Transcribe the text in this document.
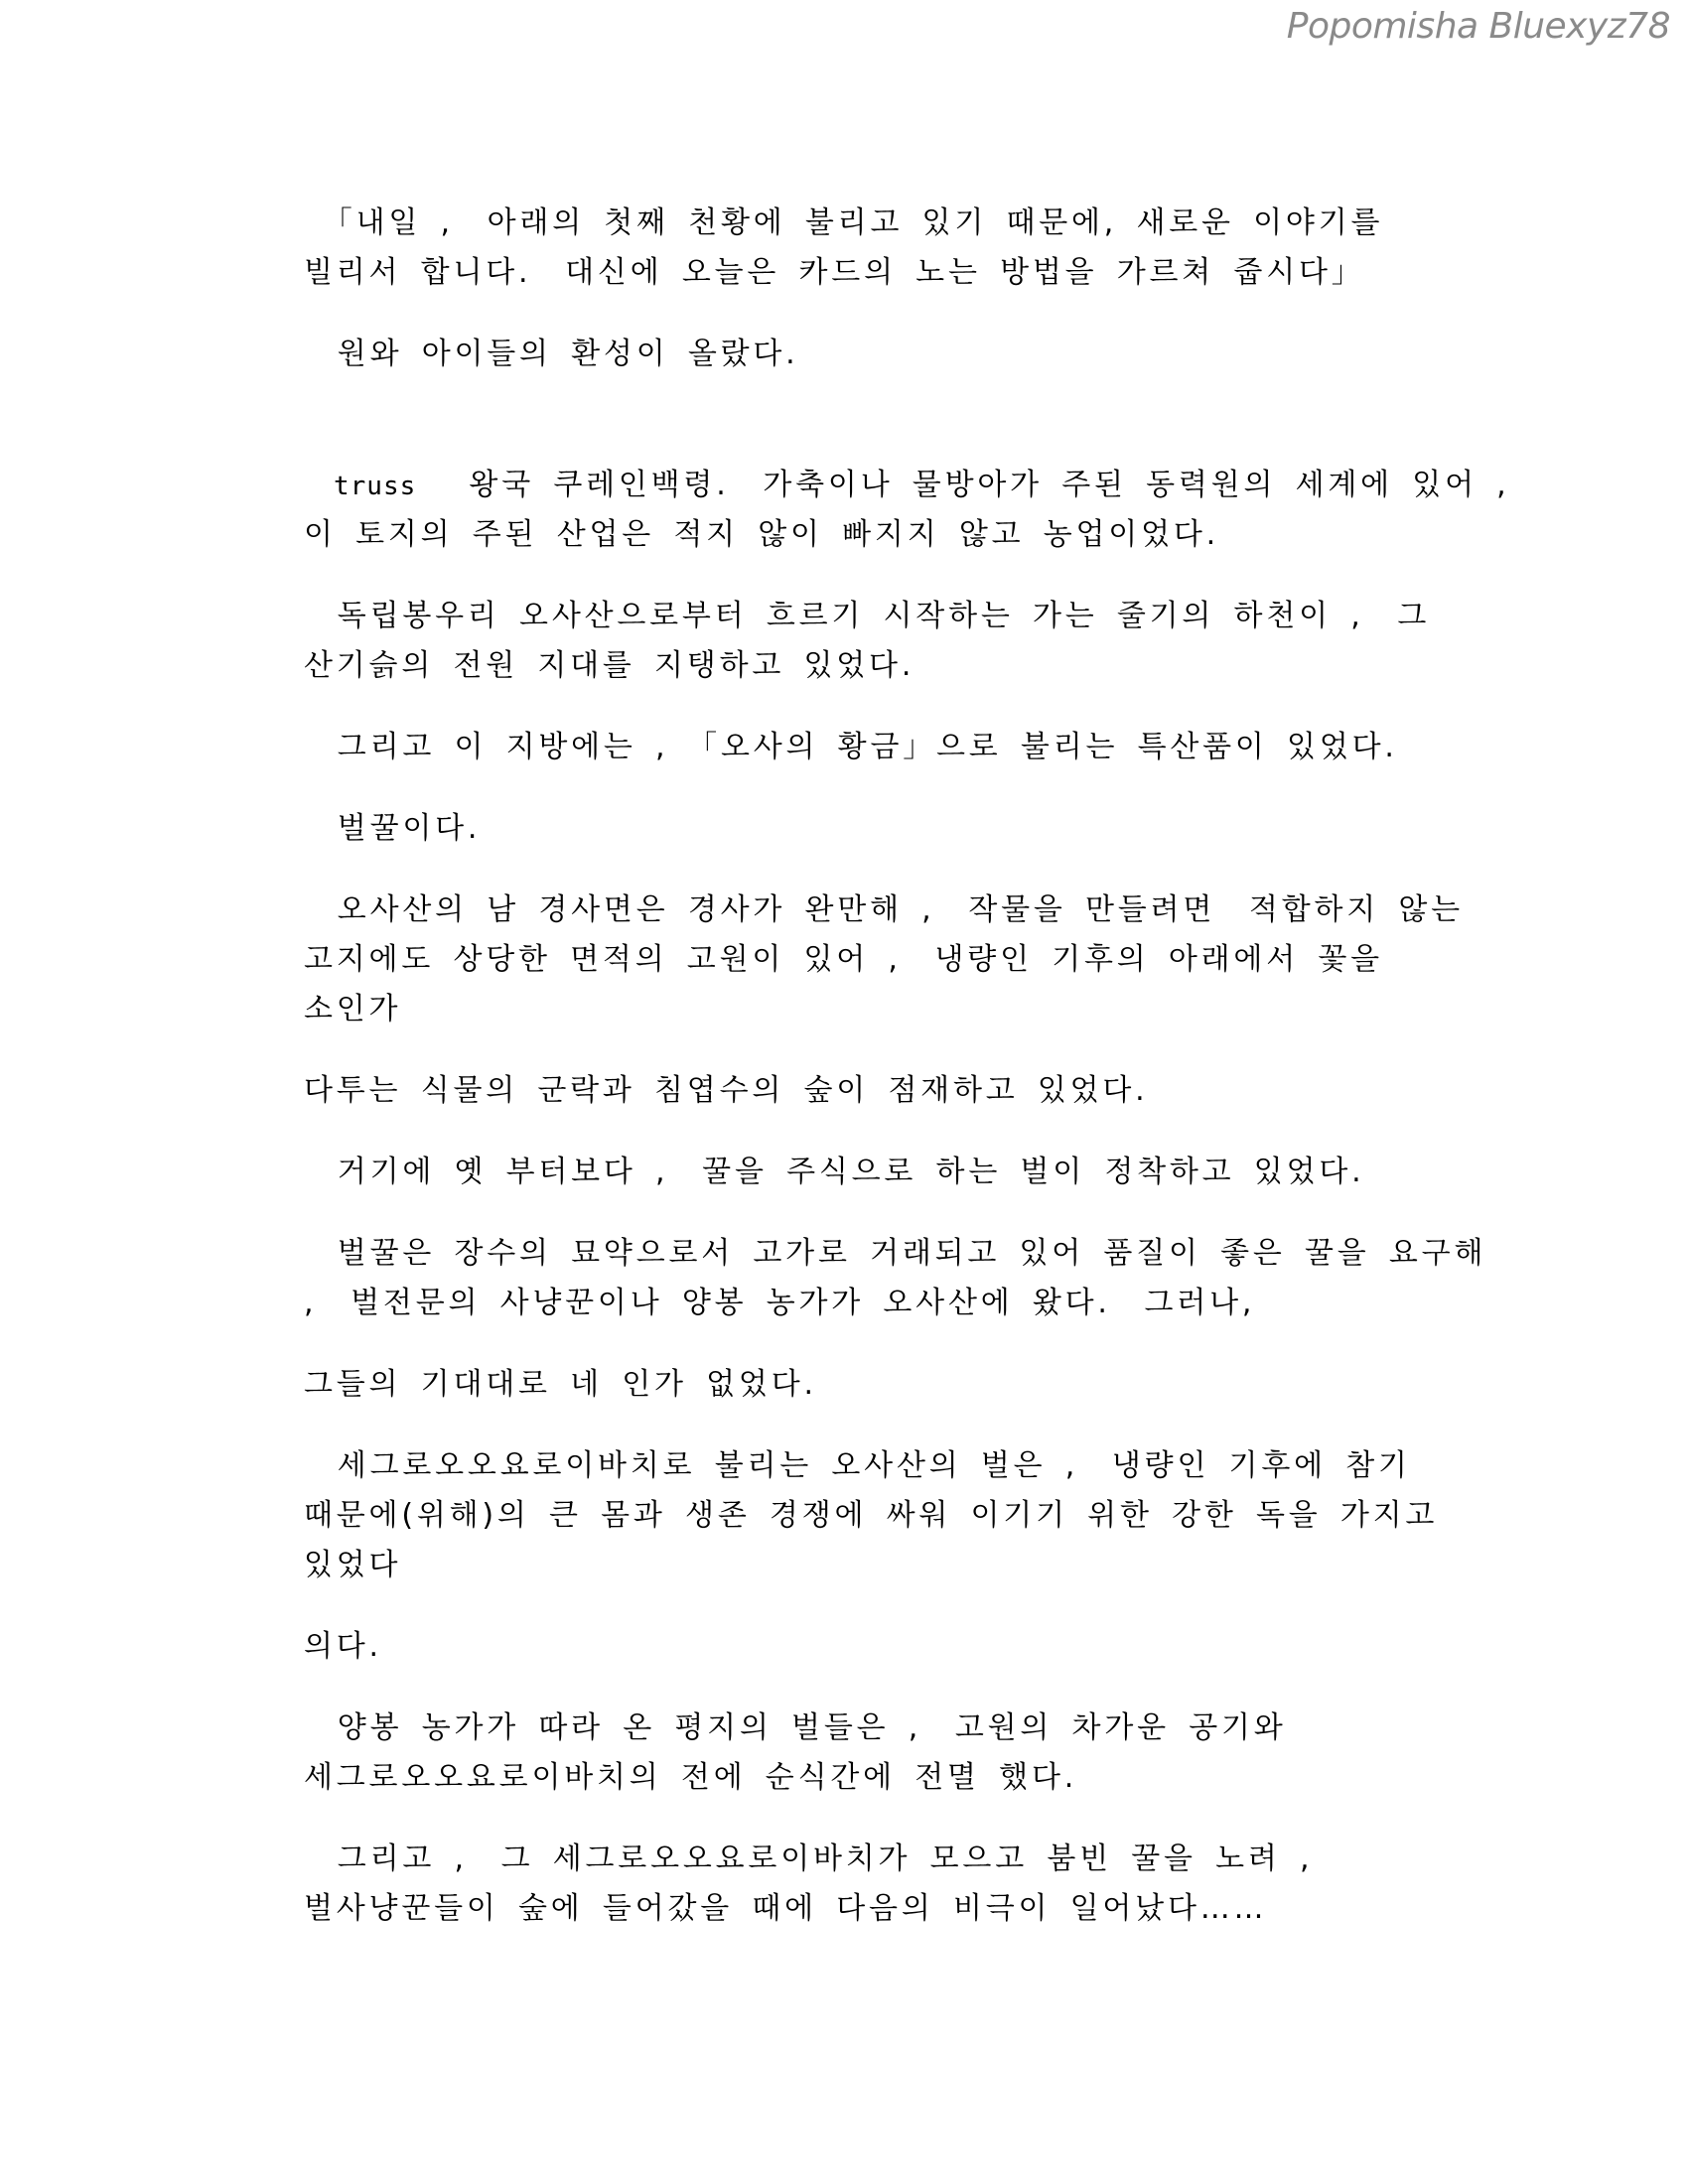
Popomisha Bluexyz78

　「내일 ,　아래의 첫째 천황에 불리고 있기 때문에, 새로운 이야기를
빌리서 합니다.　대신에 오늘은 카드의 노는 방법을 가르쳐 줍시다」

　원와 아이들의 환성이 올랐다.

truss　 왕국 쿠레인백령.　가축이나 물방아가 주된 동력원의 세계에 있어 ,
이 토지의 주된 산업은 적지 않이 빠지지 않고 농업이었다.

　독립봉우리 오사산으로부터 흐르기 시작하는 가는 줄기의 하천이 ,　그
산기슭의 전원 지대를 지탱하고 있었다.

　그리고 이 지방에는 ,　「오사의 황금」으로 불리는 특산품이 있었다.

　벌꿀이다.

　오사산의 남 경사면은 경사가 완만해 ,　작물을 만들려면　적합하지 않는
고지에도 상당한 면적의 고원이 있어 ,　냉량인 기후의 아래에서 꽃을
소인가

다투는 식물의 군락과 침엽수의 숲이 점재하고 있었다.

　거기에 옛 부터보다 ,　꿀을 주식으로 하는 벌이 정착하고 있었다.

　벌꿀은 장수의 묘약으로서 고가로 거래되고 있어 품질이 좋은 꿀을 요구해
,　벌전문의 사냥꾼이나 양봉 농가가 오사산에 왔다.　그러나,

그들의 기대대로 네 인가 없었다.

　세그로오오요로이바치로 불리는 오사산의 벌은 ,　냉량인 기후에 참기
때문에(위해)의 큰 몸과 생존 경쟁에 싸워 이기기 위한 강한 독을 가지고
있었다

의다.

　양봉 농가가 따라 온 평지의 벌들은 ,　고원의 차가운 공기와
세그로오오요로이바치의 전에 순식간에 전멸 했다.

　그리고 ,　그 세그로오오요로이바치가 모으고 붐빈 꿀을 노려 ,
벌사냥꾼들이 숲에 들어갔을 때에 다음의 비극이 일어났다……
